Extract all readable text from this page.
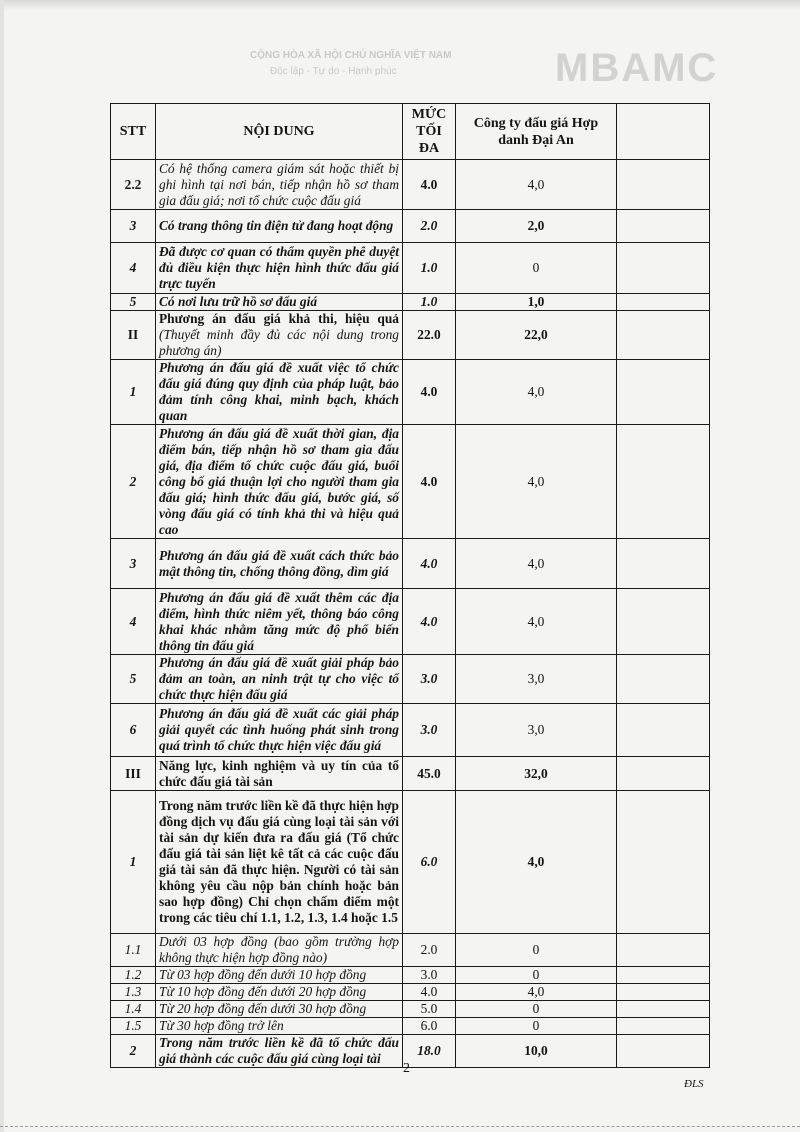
MBAMC
CỘNG HÒA XÃ HỘI CHỦ NGHĨA VIỆT NAM
Độc lập - Tự do - Hạnh phúc
STT	NỘI DUNG	MỨC TỐI ĐA	Công ty đấu giá Hợp danh Đại An	
2.2	Có hệ thống camera giám sát hoặc thiết bị ghi hình tại nơi bán, tiếp nhận hồ sơ tham gia đấu giá; nơi tổ chức cuộc đấu giá	4.0	4,0	
3	Có trang thông tin điện tử đang hoạt động	2.0	2,0	
4	Đã được cơ quan có thẩm quyền phê duyệt đủ điều kiện thực hiện hình thức đấu giá trực tuyến	1.0	0	
5	Có nơi lưu trữ hồ sơ đấu giá	1.0	1,0	
II	Phương án đấu giá khả thi, hiệu quả (Thuyết minh đầy đủ các nội dung trong phương án)	22.0	22,0	
1	Phương án đấu giá đề xuất việc tổ chức đấu giá đúng quy định của pháp luật, bảo đảm tính công khai, minh bạch, khách quan	4.0	4,0	
2	Phương án đấu giá đề xuất thời gian, địa điểm bán, tiếp nhận hồ sơ tham gia đấu giá, địa điểm tổ chức cuộc đấu giá, buổi công bố giá thuận lợi cho người tham gia đấu giá; hình thức đấu giá, bước giá, số vòng đấu giá có tính khả thi và hiệu quả cao	4.0	4,0	
3	Phương án đấu giá đề xuất cách thức bảo mật thông tin, chống thông đồng, dìm giá	4.0	4,0	
4	Phương án đấu giá đề xuất thêm các địa điểm, hình thức niêm yết, thông báo công khai khác nhằm tăng mức độ phổ biến thông tin đấu giá	4.0	4,0	
5	Phương án đấu giá đề xuất giải pháp bảo đảm an toàn, an ninh trật tự cho việc tổ chức thực hiện đấu giá	3.0	3,0	
6	Phương án đấu giá đề xuất các giải pháp giải quyết các tình huống phát sinh trong quá trình tổ chức thực hiện việc đấu giá	3.0	3,0	
III	Năng lực, kinh nghiệm và uy tín của tổ chức đấu giá tài sản	45.0	32,0	
1	Trong năm trước liền kề đã thực hiện hợp đồng dịch vụ đấu giá cùng loại tài sản với tài sản dự kiến đưa ra đấu giá (Tổ chức đấu giá tài sản liệt kê tất cả các cuộc đấu giá tài sản đã thực hiện. Người có tài sản không yêu cầu nộp bản chính hoặc bản sao hợp đồng) Chỉ chọn chấm điểm một trong các tiêu chí 1.1, 1.2, 1.3, 1.4 hoặc 1.5	6.0	4,0	
1.1	Dưới 03 hợp đồng (bao gồm trường hợp không thực hiện hợp đồng nào)	2.0	0	
1.2	Từ 03 hợp đồng đến dưới 10 hợp đồng	3.0	0	
1.3	Từ 10 hợp đồng đến dưới 20 hợp đồng	4.0	4,0	
1.4	Từ 20 hợp đồng đến dưới 30 hợp đồng	5.0	0	
1.5	Từ 30 hợp đồng trở lên	6.0	0	
2	Trong năm trước liền kề đã tổ chức đấu giá thành các cuộc đấu giá cùng loại tài	18.0	10,0	
2
ĐLS
